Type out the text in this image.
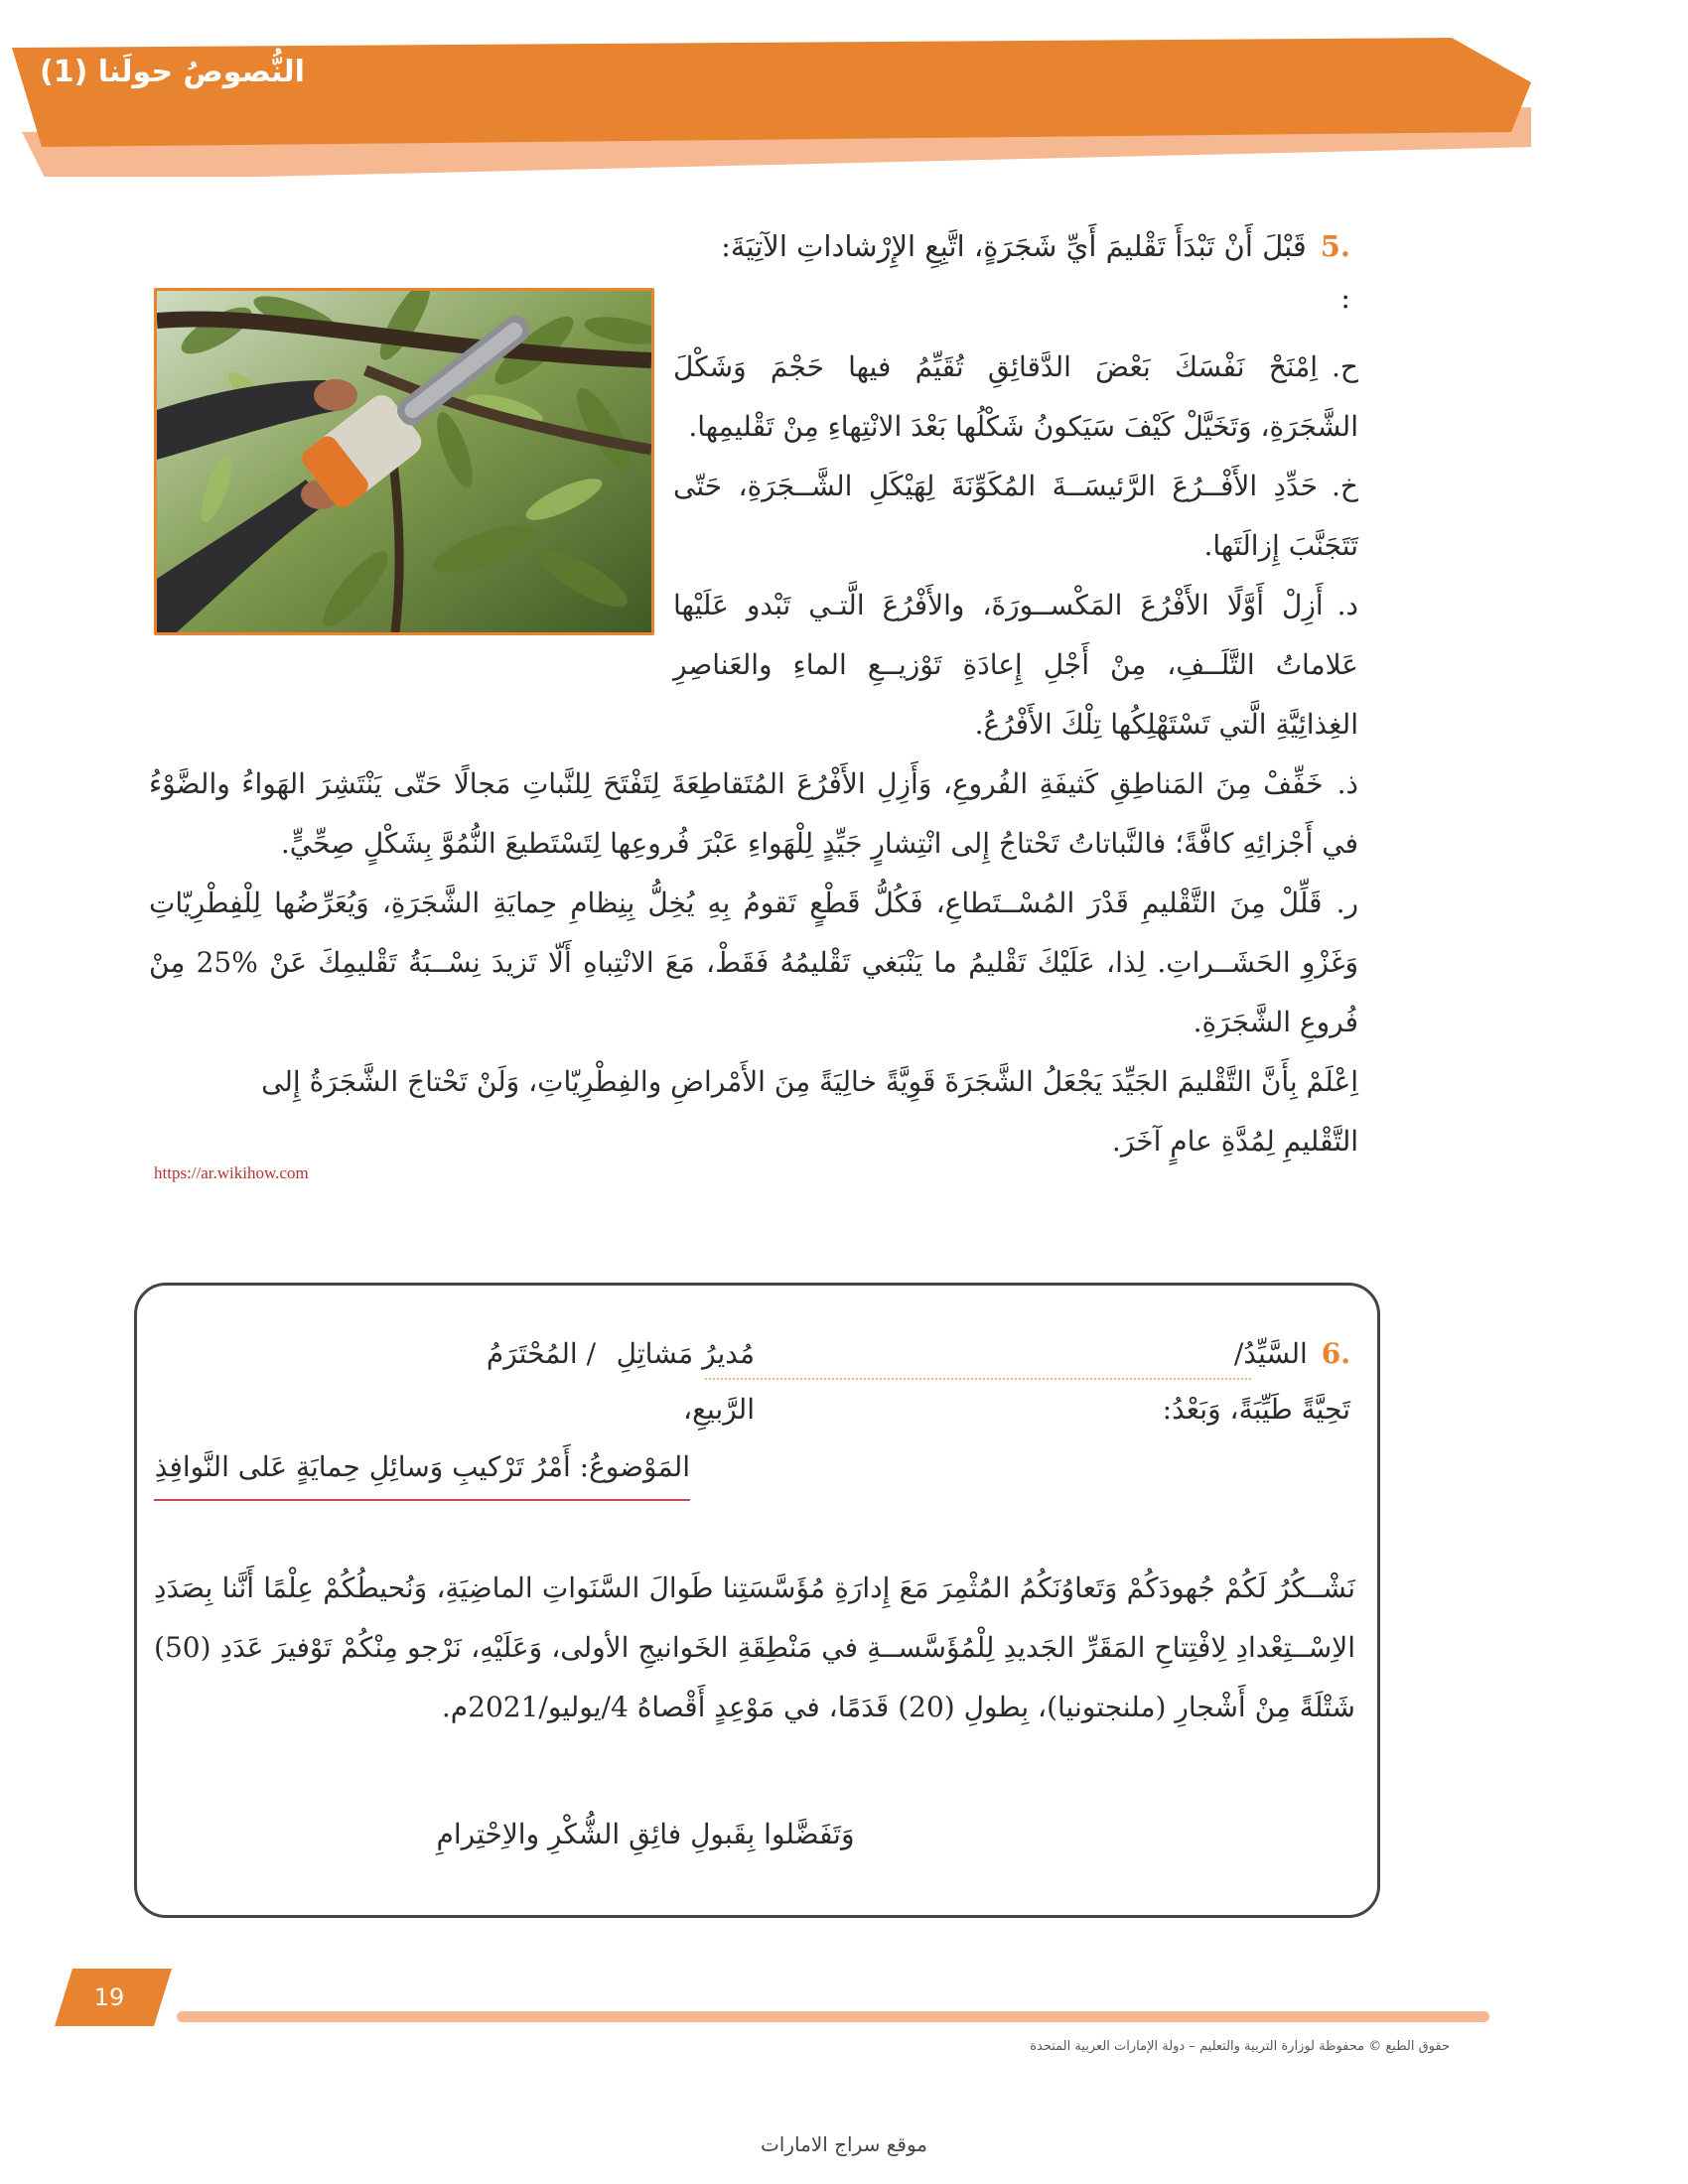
النُّصوصُ حولَنا (1)
.5قَبْلَ أَنْ تَبْدَأَ تَقْليمَ أَيِّ شَجَرَةٍ، اتَّبِعِ الإِرْشاداتِ الآتِيَةَ: :
ح.اِمْنَحْ نَفْسَكَ بَعْضَ الدَّقائِقِ تُقَيِّمُ فيها حَجْمَ وَشَكْلَ الشَّجَرَةِ، وَتَخَيَّلْ كَيْفَ سَيَكونُ شَكْلُها بَعْدَ الانْتِهاءِ مِنْ تَقْليمِها.
خ.حَدِّدِ الأَفْــرُعَ الرَّئيسَــةَ المُكَوِّنَةَ لِهَيْكَلِ الشَّــجَرَةِ، حَتّى تَتَجَنَّبَ إِزالَتَها.
د.أَزِلْ أَوَّلًا الأَفْرُعَ المَكْســورَةَ، والأَفْرُعَ الَّتـي تَبْدو عَلَيْها عَلاماتُ التَّلَــفِ، مِنْ أَجْلِ إِعادَةِ تَوْزيــعِ الماءِ والعَناصِرِ الغِذائِيَّةِ الَّتي تَسْتَهْلِكُها تِلْكَ الأَفْرُعُ.
ذ.خَفِّفْ مِنَ المَناطِقِ كَثيفَةِ الفُروعِ، وَأَزِلِ الأَفْرُعَ المُتَقاطِعَةَ لِتَفْتَحَ لِلنَّباتِ مَجالًا حَتّى يَنْتَشِرَ الهَواءُ والضَّوْءُ في أَجْزائِهِ كافَّةً؛ فالنَّباتاتُ تَحْتاجُ إِلى انْتِشارٍ جَيِّدٍ لِلْهَواءِ عَبْرَ فُروعِها لِتَسْتَطيعَ النُّمُوَّ بِشَكْلٍ صِحِّيٍّ.
ر.قَلِّلْ مِنَ التَّقْليمِ قَدْرَ المُسْــتَطاعِ، فَكُلُّ قَطْعٍ تَقومُ بِهِ يُخِلُّ بِنِظامِ حِمايَةِ الشَّجَرَةِ، وَيُعَرِّضُها لِلْفِطْرِيّاتِ وَغَزْوِ الحَشَــراتِ. لِذا، عَلَيْكَ تَقْليمُ ما يَنْبَغي تَقْليمُهُ فَقَطْ، مَعَ الانْتِباهِ أَلّا تَزيدَ نِسْــبَةُ تَقْليمِكَ عَنْ %25 مِنْ فُروعِ الشَّجَرَةِ.
اِعْلَمْ بِأَنَّ التَّقْليمَ الجَيِّدَ يَجْعَلُ الشَّجَرَةَ قَوِيَّةً خالِيَةً مِنَ الأَمْراضِ والفِطْرِيّاتِ، وَلَنْ تَحْتاجَ الشَّجَرَةُ إِلى التَّقْليمِ لِمُدَّةِ عامٍ آخَرَ.
https://ar.wikihow.com
.6السَّيِّدُ/
مُديرُ مَشاتِلِ الرَّبيعِ،
/ المُحْتَرَمُ
تَحِيَّةً طَيِّبَةً، وَبَعْدُ:
المَوْضوعُ: أَمْرُ تَرْكيبِ وَسائِلِ حِمايَةٍ عَلى النَّوافِذِ
نَشْــكُرُ لَكُمْ جُهودَكُمْ وَتَعاوُنَكُمُ المُثْمِرَ مَعَ إِدارَةِ مُؤَسَّسَتِنا طَوالَ السَّنَواتِ الماضِيَةِ، وَنُحيطُكُمْ عِلْمًا أَنَّنا بِصَدَدِ الاِسْــتِعْدادِ لِافْتِتاحِ المَقَرِّ الجَديدِ لِلْمُؤَسَّســةِ في مَنْطِقَةِ الخَوانيجِ الأولى، وَعَلَيْهِ، نَرْجو مِنْكُمْ تَوْفيرَ عَدَدِ (50) شَتْلَةً مِنْ أَشْجارِ (ملنجتونيا)، بِطولِ (20) قَدَمًا، في مَوْعِدٍ أَقْصاهُ 4/يوليو/2021م.
وَتَفَضَّلوا بِقَبولِ فائِقِ الشُّكْرِ والاِحْتِرامِ
19
حقوق الطبع © محفوظة لوزارة التربية والتعليم – دولة الإمارات العربية المتحدة
موقع سراج الامارات
